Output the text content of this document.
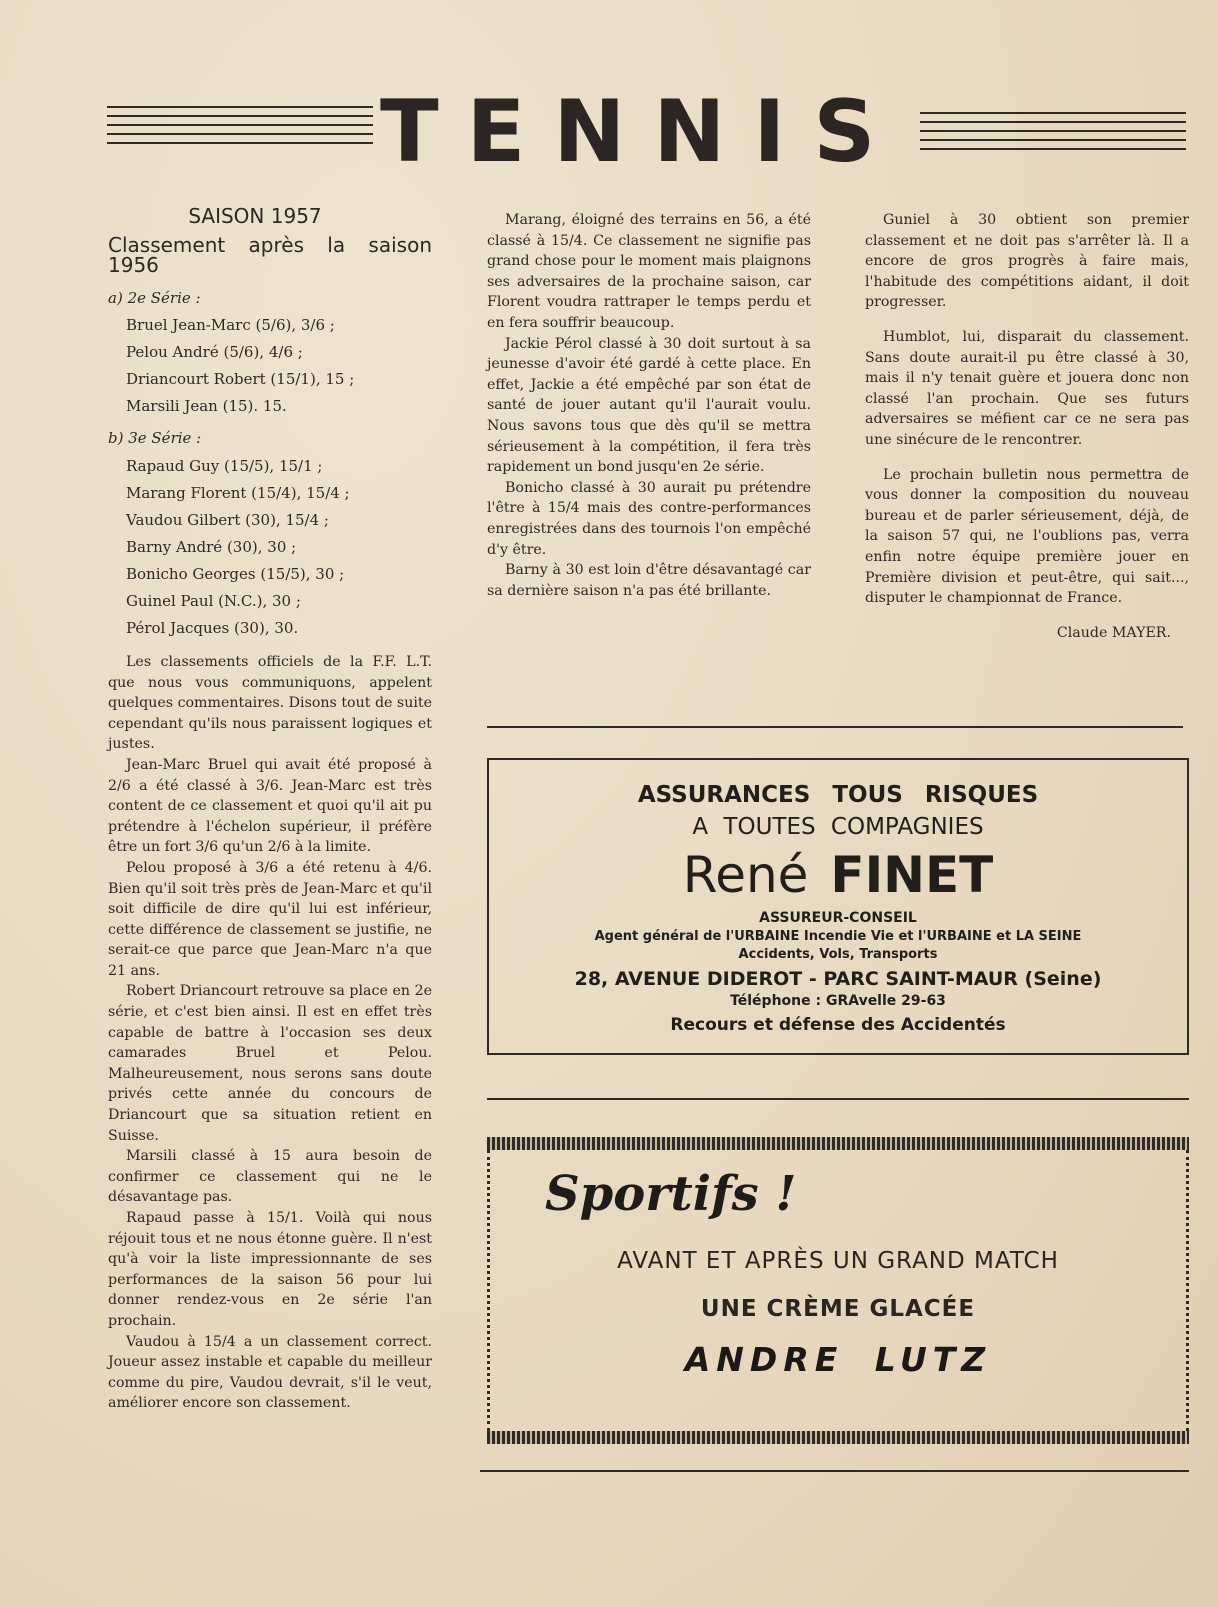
TENNIS
SAISON 1957
Classement après la saison 1956
a) 2e Série :
Bruel Jean-Marc (5/6), 3/6 ;
Pelou André (5/6), 4/6 ;
Driancourt Robert (15/1), 15 ;
Marsili Jean (15). 15.
b) 3e Série :
Rapaud Guy (15/5), 15/1 ;
Marang Florent (15/4), 15/4 ;
Vaudou Gilbert (30), 15/4 ;
Barny André (30), 30 ;
Bonicho Georges (15/5), 30 ;
Guinel Paul (N.C.), 30 ;
Pérol Jacques (30), 30.

Les classements officiels de la F.F. L.T. que nous vous communiquons, appelent quelques commentaires. Disons tout de suite cependant qu'ils nous paraissent logiques et justes.

Jean-Marc Bruel qui avait été proposé à 2/6 a été classé à 3/6. Jean-Marc est très content de ce classement et quoi qu'il ait pu prétendre à l'échelon supérieur, il préfère être un fort 3/6 qu'un 2/6 à la limite.

Pelou proposé à 3/6 a été retenu à 4/6. Bien qu'il soit très près de Jean-Marc et qu'il soit difficile de dire qu'il lui est inférieur, cette différence de classement se justifie, ne serait-ce que parce que Jean-Marc n'a que 21 ans.

Robert Driancourt retrouve sa place en 2e série, et c'est bien ainsi. Il est en effet très capable de battre à l'occasion ses deux camarades Bruel et Pelou. Malheureusement, nous serons sans doute privés cette année du concours de Driancourt que sa situation retient en Suisse.

Marsili classé à 15 aura besoin de confirmer ce classement qui ne le désavantage pas.

Rapaud passe à 15/1. Voilà qui nous réjouit tous et ne nous étonne guère. Il n'est qu'à voir la liste impressionnante de ses performances de la saison 56 pour lui donner rendez-vous en 2e série l'an prochain.

Vaudou à 15/4 a un classement correct. Joueur assez instable et capable du meilleur comme du pire, Vaudou devrait, s'il le veut, améliorer encore son classement.

Marang, éloigné des terrains en 56, a été classé à 15/4. Ce classement ne signifie pas grand chose pour le moment mais plaignons ses adversaires de la prochaine saison, car Florent voudra rattraper le temps perdu et en fera souffrir beaucoup.

Jackie Pérol classé à 30 doit surtout à sa jeunesse d'avoir été gardé à cette place. En effet, Jackie a été empêché par son état de santé de jouer autant qu'il l'aurait voulu. Nous savons tous que dès qu'il se mettra sérieusement à la compétition, il fera très rapidement un bond jusqu'en 2e série.

Bonicho classé à 30 aurait pu prétendre l'être à 15/4 mais des contre-performances enregistrées dans des tournois l'on empêché d'y être.

Barny à 30 est loin d'être désavantagé car sa dernière saison n'a pas été brillante.

Guniel à 30 obtient son premier classement et ne doit pas s'arrêter là. Il a encore de gros progrès à faire mais, l'habitude des compétitions aidant, il doit progresser.

Humblot, lui, disparait du classement. Sans doute aurait-il pu être classé à 30, mais il n'y tenait guère et jouera donc non classé l'an prochain. Que ses futurs adversaires se méfient car ce ne sera pas une sinécure de le rencontrer.

Le prochain bulletin nous permettra de vous donner la composition du nouveau bureau et de parler sérieusement, déjà, de la saison 57 qui, ne l'oublions pas, verra enfin notre équipe première jouer en Première division et peut-être, qui sait..., disputer le championnat de France.

Claude MAYER.
ASSURANCES TOUS RISQUES
A TOUTES COMPAGNIES
René FINET
ASSUREUR-CONSEIL
Agent général de l'URBAINE Incendie Vie et l'URBAINE et LA SEINE
Accidents, Vols, Transports
28, AVENUE DIDEROT - PARC SAINT-MAUR (Seine)
Téléphone : GRAvelle 29-63
Recours et défense des Accidentés
Sportifs !
AVANT ET APRÈS UN GRAND MATCH
UNE CRÈME GLACÉE
ANDRE LUTZ
